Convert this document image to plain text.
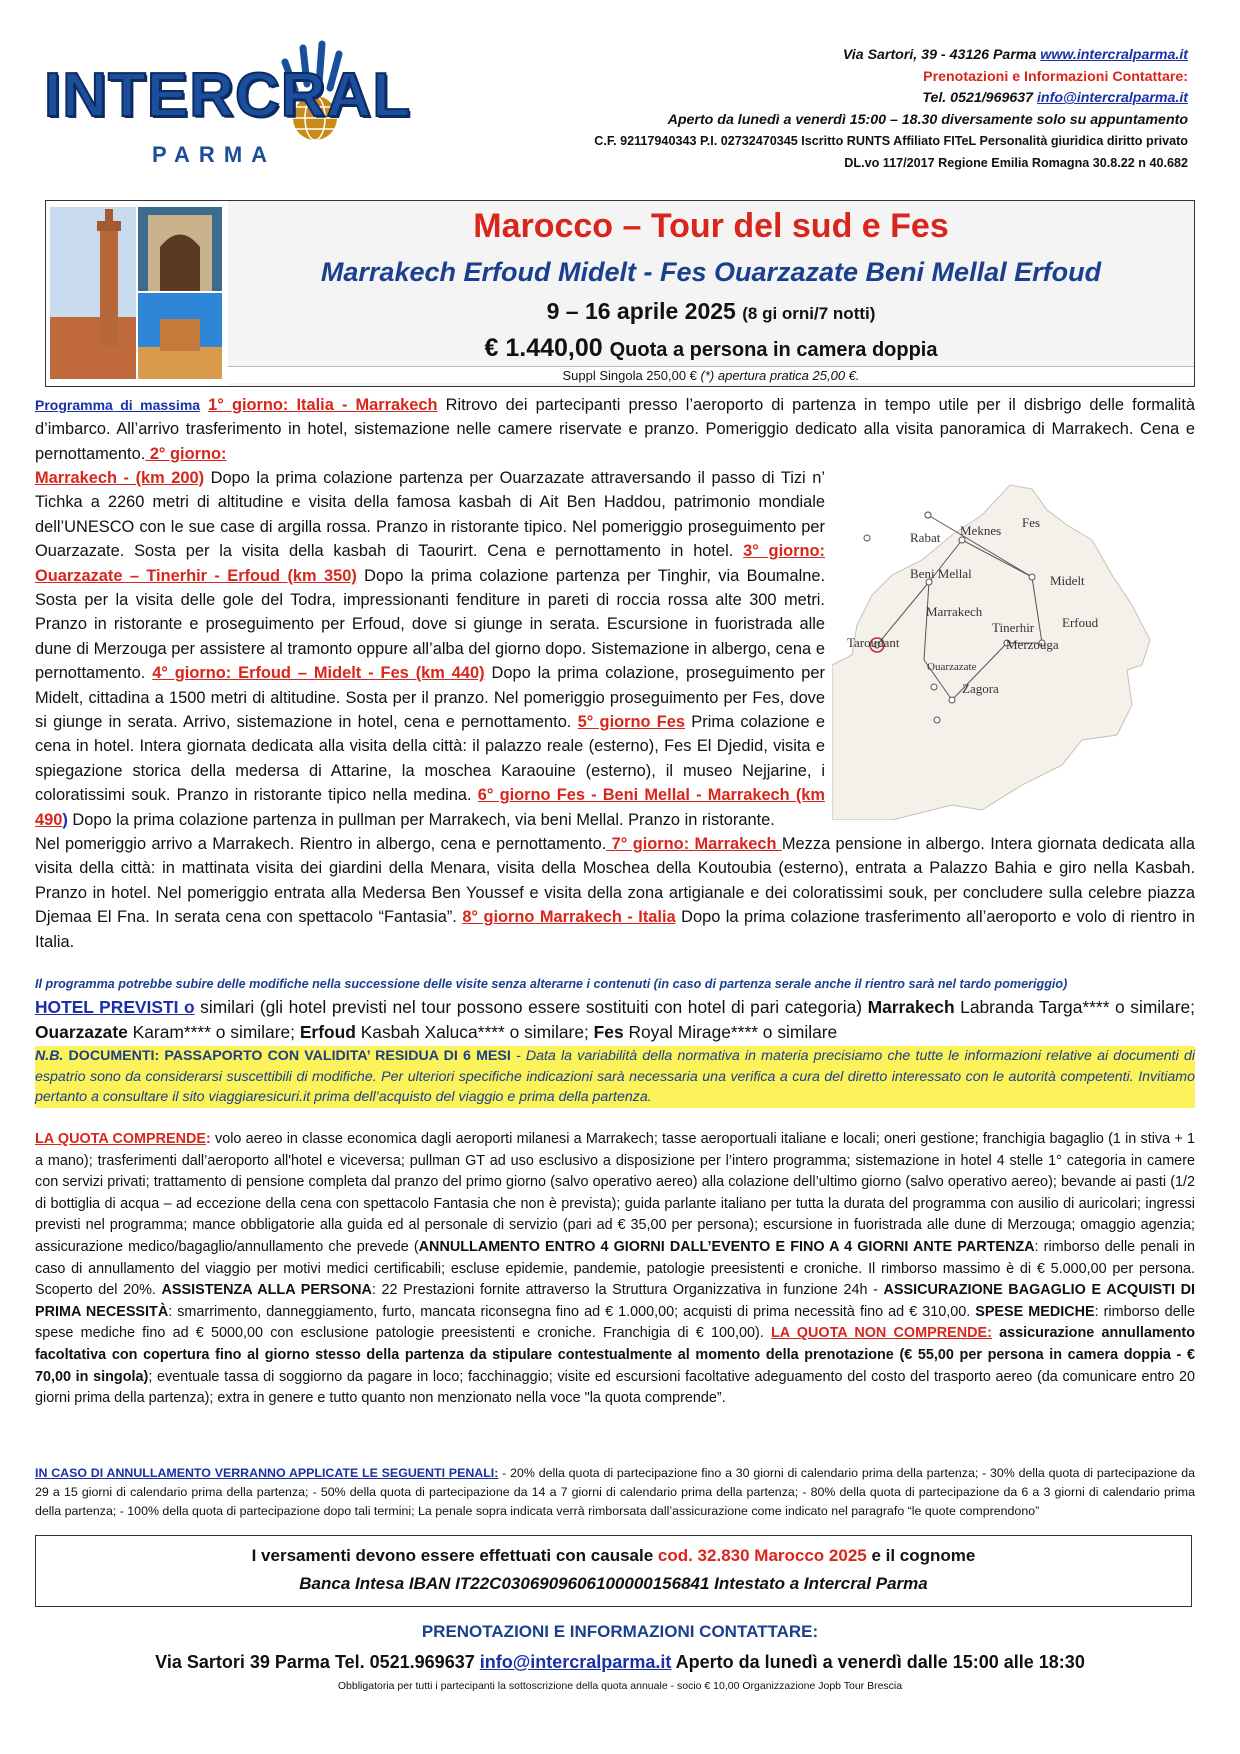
INTERCRAL
PARMA
Via Sartori, 39 - 43126 Parma www.intercralparma.it
Prenotazioni e Informazioni Contattare:
Tel. 0521/969637 info@intercralparma.it
Aperto da lunedì a venerdì 15:00 – 18.30 diversamente solo su appuntamento
C.F. 92117940343 P.I. 02732470345 Iscritto RUNTS Affiliato FITeL Personalità giuridica diritto privato
DL.vo 117/2017 Regione Emilia Romagna 30.8.22 n 40.682
Marocco – Tour del sud e Fes
Marrakech Erfoud Midelt - Fes Ouarzazate Beni Mellal Erfoud
9 – 16 aprile 2025 (8 gi orni/7 notti)
€ 1.440,00 Quota a persona in camera doppia
Suppl Singola 250,00 € (*) apertura pratica 25,00 €.
Programma di massima 1° giorno: Italia - Marrakech Ritrovo dei partecipanti presso l’aeroporto di partenza in tempo utile per il disbrigo delle formalità d’imbarco. All’arrivo trasferimento in hotel, sistemazione nelle camere riservate e pranzo. Pomeriggio dedicato alla visita panoramica di Marrakech. Cena e pernottamento. 2° giorno:
Marrakech - (km 200) Dopo la prima colazione partenza per Ouarzazate attraversando il passo di Tizi n’ Tichka a 2260 metri di altitudine e visita della famosa kasbah di Ait Ben Haddou, patrimonio mondiale dell’UNESCO con le sue case di argilla rossa. Pranzo in ristorante tipico. Nel pomeriggio proseguimento per Ouarzazate. Sosta per la visita della kasbah di Taourirt. Cena e pernottamento in hotel. 3° giorno: Ouarzazate – Tinerhir - Erfoud (km 350) Dopo la prima colazione partenza per Tinghir, via Boumalne. Sosta per la visita delle gole del Todra, impressionanti fenditure in pareti di roccia rossa alte 300 metri. Pranzo in ristorante e proseguimento per Erfoud, dove si giunge in serata. Escursione in fuoristrada alle dune di Merzouga per assistere al tramonto oppure all’alba del giorno dopo. Sistemazione in albergo, cena e pernottamento. 4° giorno: Erfoud – Midelt - Fes (km 440) Dopo la prima colazione, proseguimento per Midelt, cittadina a 1500 metri di altitudine. Sosta per il pranzo. Nel pomeriggio proseguimento per Fes, dove si giunge in serata. Arrivo, sistemazione in hotel, cena e pernottamento. 5° giorno Fes Prima colazione e cena in hotel. Intera giornata dedicata alla visita della città: il palazzo reale (esterno), Fes El Djedid, visita e spiegazione storica della medersa di Attarine, la moschea Karaouine (esterno), il museo Nejjarine, i coloratissimi souk. Pranzo in ristorante tipico nella medina. 6° giorno Fes - Beni Mellal - Marrakech (km 490) Dopo la prima colazione partenza in pullman per Marrakech, via beni Mellal. Pranzo in ristorante.
Nel pomeriggio arrivo a Marrakech. Rientro in albergo, cena e pernottamento. 7° giorno: Marrakech Mezza pensione in albergo. Intera giornata dedicata alla visita della città: in mattinata visita dei giardini della Menara, visita della Moschea della Koutoubia (esterno), entrata a Palazzo Bahia e giro nella Kasbah. Pranzo in hotel. Nel pomeriggio entrata alla Medersa Ben Youssef e visita della zona artigianale e dei coloratissimi souk, per concludere sulla celebre piazza Djemaa El Fna. In serata cena con spettacolo “Fantasia”. 8° giorno Marrakech - Italia Dopo la prima colazione trasferimento all’aeroporto e volo di rientro in Italia.
Il programma potrebbe subire delle modifiche nella successione delle visite senza alterarne i contenuti (in caso di partenza serale anche il rientro sarà nel tardo pomeriggio)
HOTEL PREVISTI o similari (gli hotel previsti nel tour possono essere sostituiti con hotel di pari categoria) Marrakech Labranda Targa**** o similare; Ouarzazate Karam**** o similare; Erfoud Kasbah Xaluca**** o similare; Fes Royal Mirage**** o similare
N.B. DOCUMENTI: PASSAPORTO CON VALIDITA’ RESIDUA DI 6 MESI - Data la variabilità della normativa in materia precisiamo che tutte le informazioni relative ai documenti di espatrio sono da considerarsi suscettibili di modifiche. Per ulteriori specifiche indicazioni sarà necessaria una verifica a cura del diretto interessato con le autorità competenti. Invitiamo pertanto a consultare il sito viaggiaresicuri.it prima dell’acquisto del viaggio e prima della partenza.
LA QUOTA COMPRENDE: volo aereo in classe economica dagli aeroporti milanesi a Marrakech; tasse aeroportuali italiane e locali; oneri gestione; franchigia bagaglio (1 in stiva + 1 a mano); trasferimenti dall’aeroporto all'hotel e viceversa; pullman GT ad uso esclusivo a disposizione per l’intero programma; sistemazione in hotel 4 stelle 1° categoria in camere con servizi privati; trattamento di pensione completa dal pranzo del primo giorno (salvo operativo aereo) alla colazione dell’ultimo giorno (salvo operativo aereo); bevande ai pasti (1/2 di bottiglia di acqua – ad eccezione della cena con spettacolo Fantasia che non è prevista); guida parlante italiano per tutta la durata del programma con ausilio di auricolari; ingressi previsti nel programma; mance obbligatorie alla guida ed al personale di servizio (pari ad € 35,00 per persona); escursione in fuoristrada alle dune di Merzouga; omaggio agenzia; assicurazione medico/bagaglio/annullamento che prevede (ANNULLAMENTO ENTRO 4 GIORNI DALL’EVENTO E FINO A 4 GIORNI ANTE PARTENZA: rimborso delle penali in caso di annullamento del viaggio per motivi medici certificabili; escluse epidemie, pandemie, patologie preesistenti e croniche. Il rimborso massimo è di € 5.000,00 per persona. Scoperto del 20%. ASSISTENZA ALLA PERSONA: 22 Prestazioni fornite attraverso la Struttura Organizzativa in funzione 24h - ASSICURAZIONE BAGAGLIO E ACQUISTI DI PRIMA NECESSITÀ: smarrimento, danneggiamento, furto, mancata riconsegna fino ad € 1.000,00; acquisti di prima necessità fino ad € 310,00. SPESE MEDICHE: rimborso delle spese mediche fino ad € 5000,00 con esclusione patologie preesistenti e croniche. Franchigia di € 100,00). LA QUOTA NON COMPRENDE: assicurazione annullamento facoltativa con copertura fino al giorno stesso della partenza da stipulare contestualmente al momento della prenotazione (€ 55,00 per persona in camera doppia - € 70,00 in singola); eventuale tassa di soggiorno da pagare in loco; facchinaggio; visite ed escursioni facoltative adeguamento del costo del trasporto aereo (da comunicare entro 20 giorni prima della partenza); extra in genere e tutto quanto non menzionato nella voce "la quota comprende”.
IN CASO DI ANNULLAMENTO VERRANNO APPLICATE LE SEGUENTI PENALI: - 20% della quota di partecipazione fino a 30 giorni di calendario prima della partenza; - 30% della quota di partecipazione da 29 a 15 giorni di calendario prima della partenza; - 50% della quota di partecipazione da 14 a 7 giorni di calendario prima della partenza; - 80% della quota di partecipazione da 6 a 3 giorni di calendario prima della partenza; - 100% della quota di partecipazione dopo tali termini; La penale sopra indicata verrà rimborsata dall’assicurazione come indicato nel paragrafo “le quote comprendono”
I versamenti devono essere effettuati con causale cod. 32.830 Marocco 2025 e il cognome
Banca Intesa IBAN IT22C0306909606100000156841 Intestato a Intercral Parma
PRENOTAZIONI E INFORMAZIONI CONTATTARE:
Via Sartori 39 Parma Tel. 0521.969637 info@intercralparma.it Aperto da lunedì a venerdì dalle 15:00 alle 18:30
Obbligatoria per tutti i partecipanti la sottoscrizione della quota annuale - socio € 10,00 Organizzazione Jopb Tour Brescia
Rabat Meknes
Fes
Beni Mellal	Midelt
Marrakech
Taroudant
Tinerhir Erfoud
Merzouga
Ouarzazate
Zagora
